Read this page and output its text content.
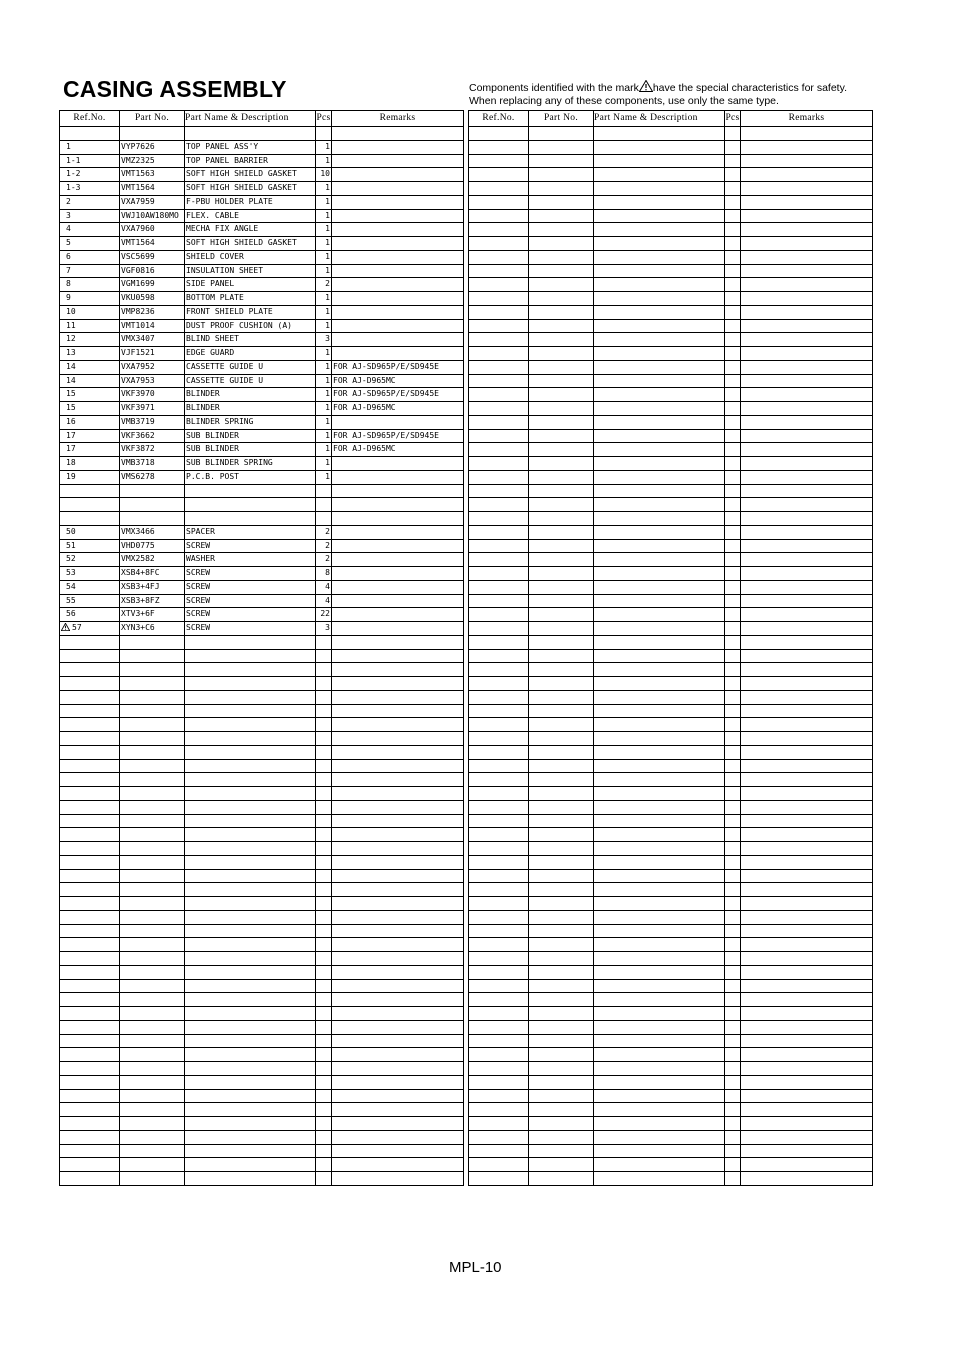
CASING ASSEMBLY	Components identified with the mark have the special characteristics for safety.
When replacing any of these components, use only the same type.
Ref.No.	Part No.	Part Name & Description	Pcs	Remarks

1	VYP7626	TOP PANEL ASS'Y	1	
1-1	VMZ2325	TOP PANEL BARRIER	1	
1-2	VMT1563	SOFT HIGH SHIELD GASKET	10	
1-3	VMT1564	SOFT HIGH SHIELD GASKET	1	
2	VXA7959	F-PBU HOLDER PLATE	1	
3	VWJ10AW180MO	FLEX. CABLE	1	
4	VXA7960	MECHA FIX ANGLE	1	
5	VMT1564	SOFT HIGH SHIELD GASKET	1	
6	VSC5699	SHIELD COVER	1	
7	VGF0816	INSULATION SHEET	1	
8	VGM1699	SIDE PANEL	2	
9	VKU0598	BOTTOM PLATE	1	
10	VMP8236	FRONT SHIELD PLATE	1	
11	VMT1014	DUST PROOF CUSHION (A)	1	
12	VMX3407	BLIND SHEET	3	
13	VJF1521	EDGE GUARD	1	
14	VXA7952	CASSETTE GUIDE U	1	FOR AJ-SD965P/E/SD945E
14	VXA7953	CASSETTE GUIDE U	1	FOR AJ-D965MC
15	VKF3970	BLINDER	1	FOR AJ-SD965P/E/SD945E
15	VKF3971	BLINDER	1	FOR AJ-D965MC
16	VMB3719	BLINDER SPRING	1	
17	VKF3662	SUB BLINDER	1	FOR AJ-SD965P/E/SD945E
17	VKF3872	SUB BLINDER	1	FOR AJ-D965MC
18	VMB3718	SUB BLINDER SPRING	1	
19	VMS6278	P.C.B. POST	1	

50	VMX3466	SPACER	2	
51	VHD0775	SCREW	2	
52	VMX2582	WASHER	2	
53	XSB4+8FC	SCREW	8	
54	XSB3+4FJ	SCREW	4	
55	XSB3+8FZ	SCREW	4	
56	XTV3+6F	SCREW	22	
57	XYN3+C6	SCREW	3	

Ref.No.	Part No.	Part Name & Description	Pcs	Remarks

MPL-10
